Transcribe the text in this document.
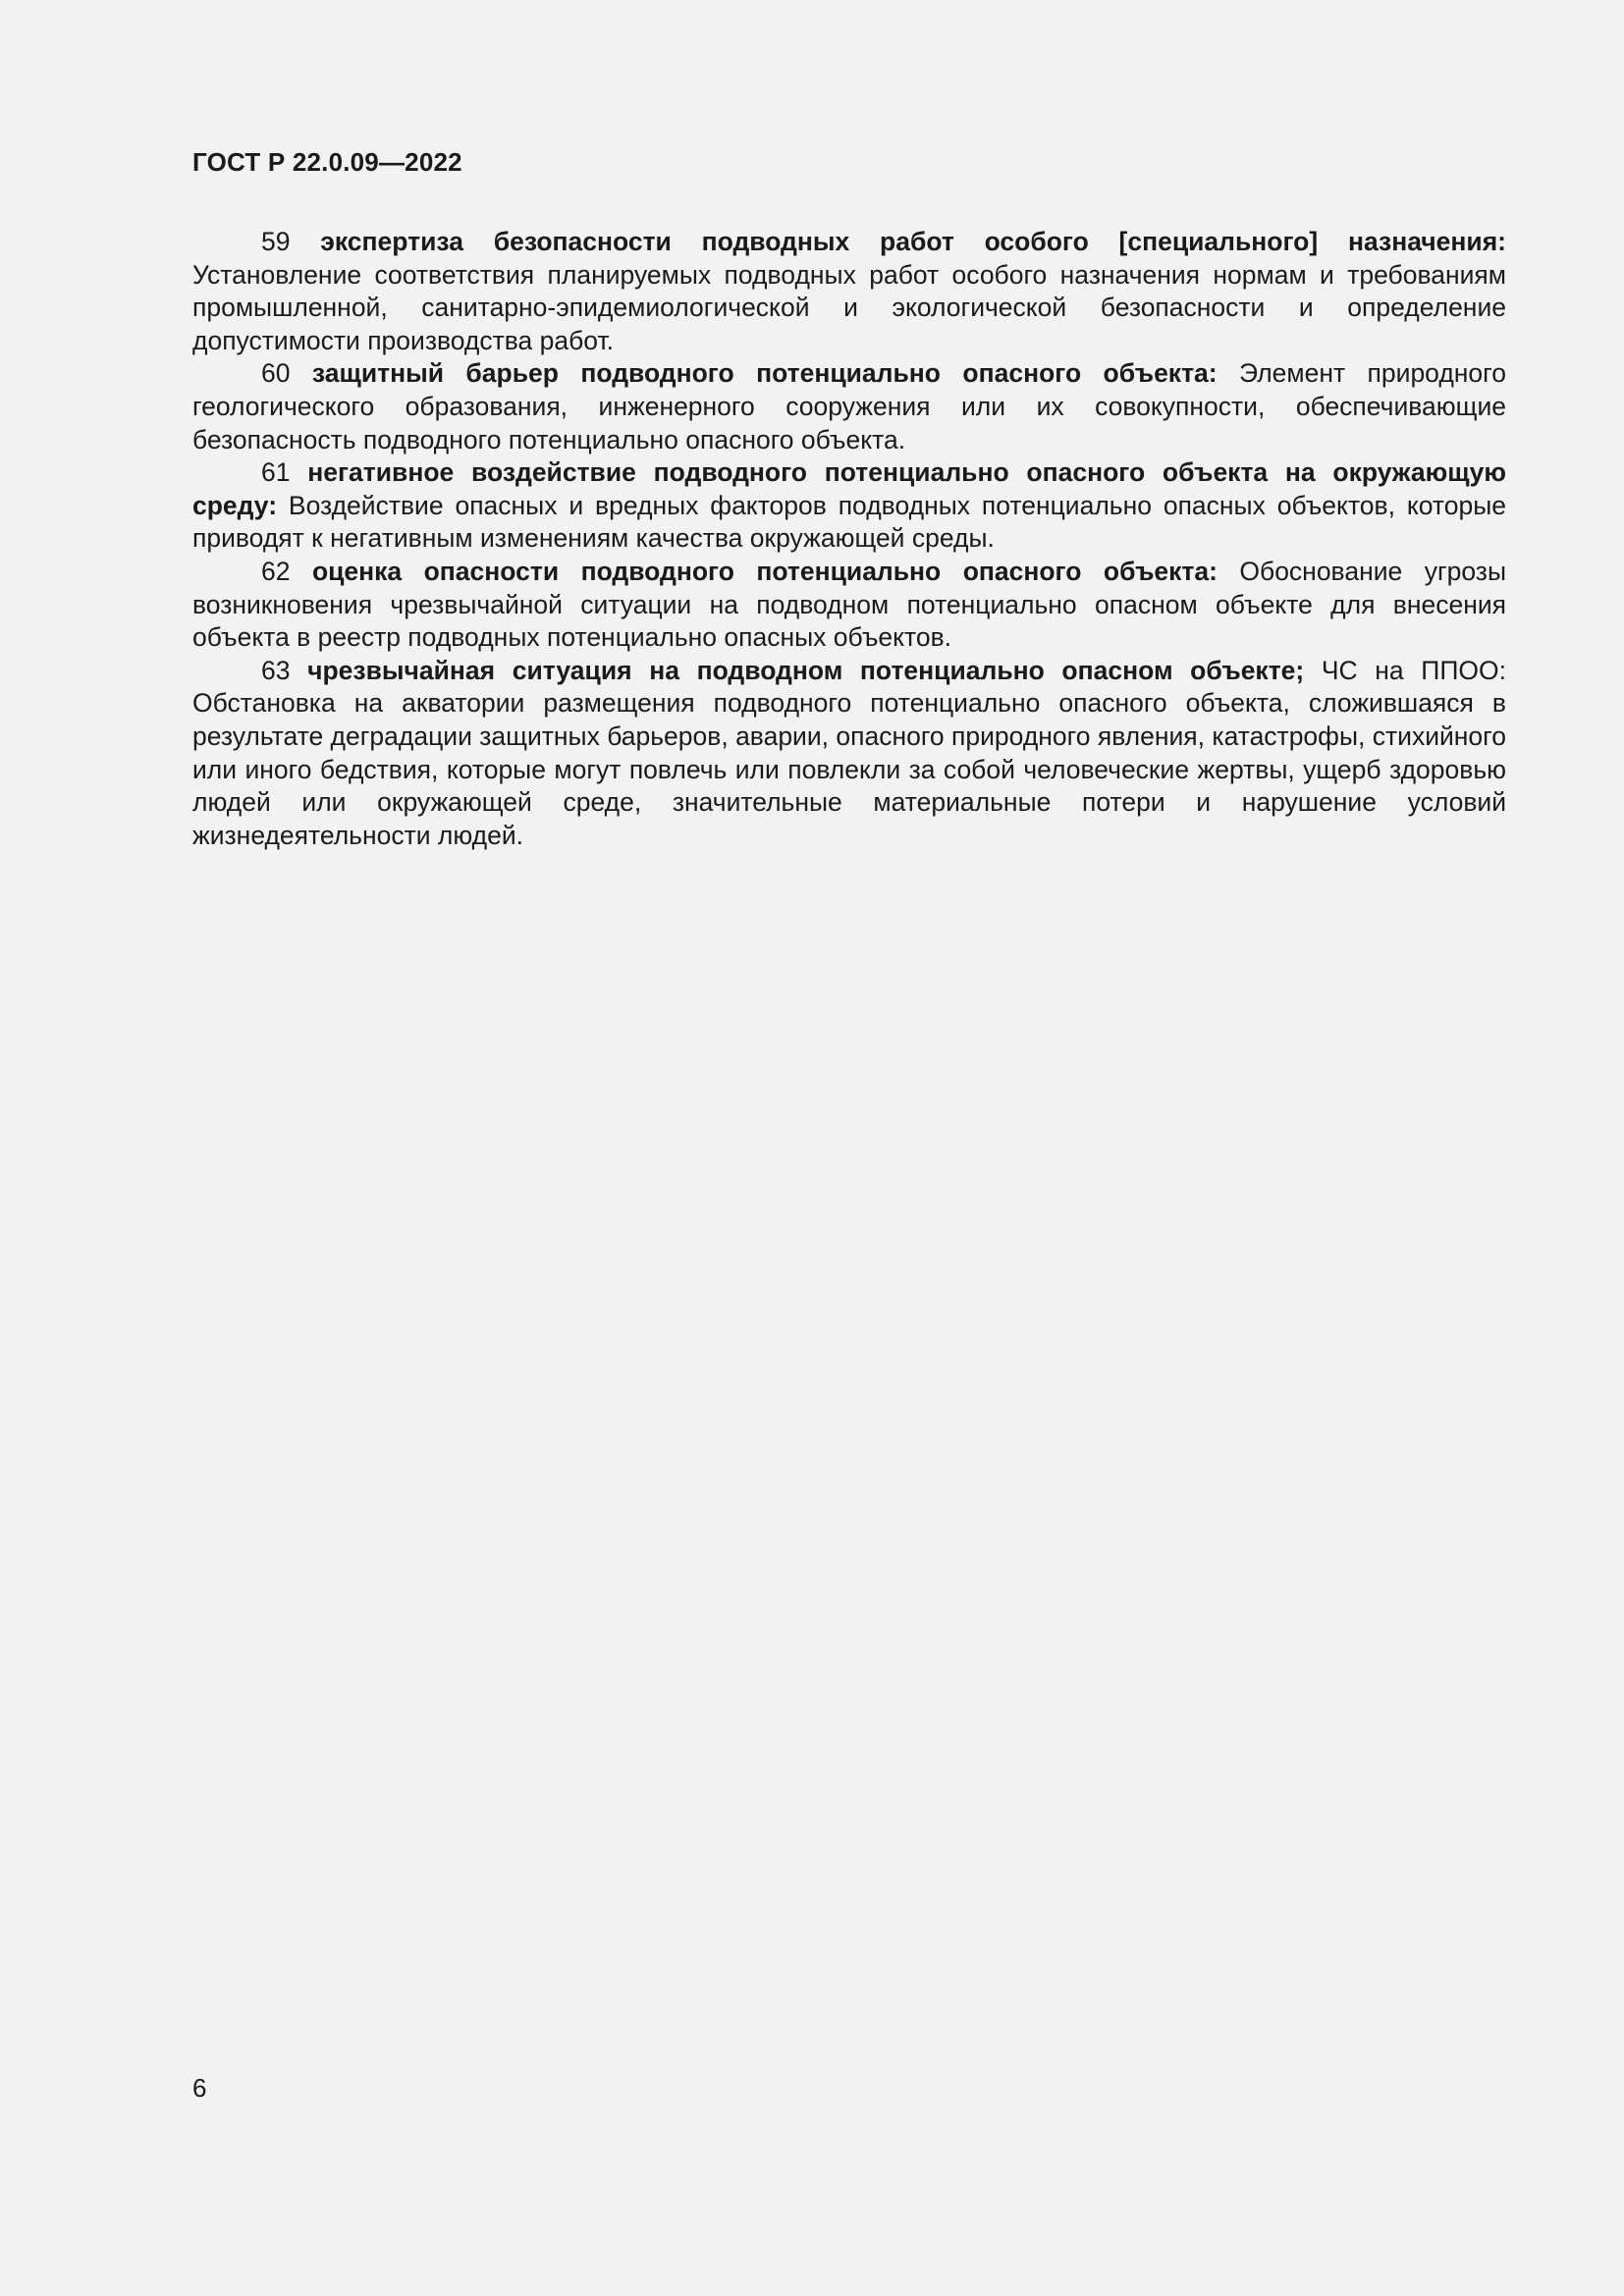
ГОСТ Р 22.0.09—2022

59 экспертиза безопасности подводных работ особого [специального] назначения: Установление соответствия планируемых подводных работ особого назначения нормам и требованиям промышленной, санитарно-эпидемиологической и экологической безопасности и определение допустимости производства работ.

60 защитный барьер подводного потенциально опасного объекта: Элемент природного геологического образования, инженерного сооружения или их совокупности, обеспечивающие безопасность подводного потенциально опасного объекта.

61 негативное воздействие подводного потенциально опасного объекта на окружающую среду: Воздействие опасных и вредных факторов подводных потенциально опасных объектов, которые приводят к негативным изменениям качества окружающей среды.

62 оценка опасности подводного потенциально опасного объекта: Обоснование угрозы возникновения чрезвычайной ситуации на подводном потенциально опасном объекте для внесения объекта в реестр подводных потенциально опасных объектов.

63 чрезвычайная ситуация на подводном потенциально опасном объекте; ЧС на ППОО: Обстановка на акватории размещения подводного потенциально опасного объекта, сложившаяся в результате деградации защитных барьеров, аварии, опасного природного явления, катастрофы, стихийного или иного бедствия, которые могут повлечь или повлекли за собой человеческие жертвы, ущерб здоровью людей или окружающей среде, значительные материальные потери и нарушение условий жизнедеятельности людей.

6
